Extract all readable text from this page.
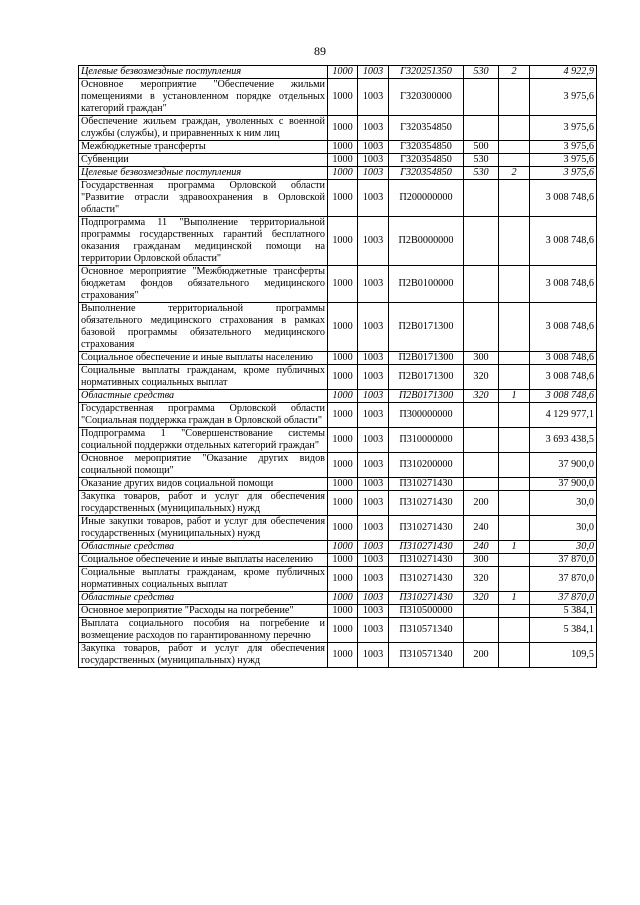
89
Целевые безвозмездные поступления	1000	1003	Г320251350	530	2	4 922,9
Основное мероприятие "Обеспечение жильми помещениями в установленном порядке отдельных категорий граждан"	1000	1003	Г320300000			3 975,6
Обеспечение жильем граждан, уволенных с военной службы (службы), и приравненных к ним лиц	1000	1003	Г320354850			3 975,6
Межбюджетные трансферты	1000	1003	Г320354850	500		3 975,6
Субвенции	1000	1003	Г320354850	530		3 975,6
Целевые безвозмездные поступления	1000	1003	Г320354850	530	2	3 975,6
Государственная программа Орловской области "Развитие отрасли здравоохранения в Орловской области"	1000	1003	П200000000			3 008 748,6
Подпрограмма 11 "Выполнение территориальной программы государственных гарантий бесплатного оказания гражданам медицинской помощи на территории Орловской области"	1000	1003	П2В0000000			3 008 748,6
Основное мероприятие "Межбюджетные трансферты бюджетам фондов обязательного медицинского страхования"	1000	1003	П2В0100000			3 008 748,6
Выполнение территориальной программы обязательного медицинского страхования в рамках базовой программы обязательного медицинского страхования	1000	1003	П2В0171300			3 008 748,6
Социальное обеспечение и иные выплаты населению	1000	1003	П2В0171300	300		3 008 748,6
Социальные выплаты гражданам, кроме публичных нормативных социальных выплат	1000	1003	П2В0171300	320		3 008 748,6
Областные средства	1000	1003	П2В0171300	320	1	3 008 748,6
Государственная программа Орловской области "Социальная поддержка граждан в Орловской области"	1000	1003	П300000000			4 129 977,1
Подпрограмма 1 "Совершенствование системы социальной поддержки отдельных категорий граждан"	1000	1003	П310000000			3 693 438,5
Основное мероприятие "Оказание других видов социальной помощи"	1000	1003	П310200000			37 900,0
Оказание других видов социальной помощи	1000	1003	П310271430			37 900,0
Закупка товаров, работ и услуг для обеспечения государственных (муниципальных) нужд	1000	1003	П310271430	200		30,0
Иные закупки товаров, работ и услуг для обеспечения государственных (муниципальных) нужд	1000	1003	П310271430	240		30,0
Областные средства	1000	1003	П310271430	240	1	30,0
Социальное обеспечение и иные выплаты населению	1000	1003	П310271430	300		37 870,0
Социальные выплаты гражданам, кроме публичных нормативных социальных выплат	1000	1003	П310271430	320		37 870,0
Областные средства	1000	1003	П310271430	320	1	37 870,0
Основное мероприятие "Расходы на погребение"	1000	1003	П310500000			5 384,1
Выплата социального пособия на погребение и возмещение расходов по гарантированному перечню	1000	1003	П310571340			5 384,1
Закупка товаров, работ и услуг для обеспечения государственных (муниципальных) нужд	1000	1003	П310571340	200		109,5
